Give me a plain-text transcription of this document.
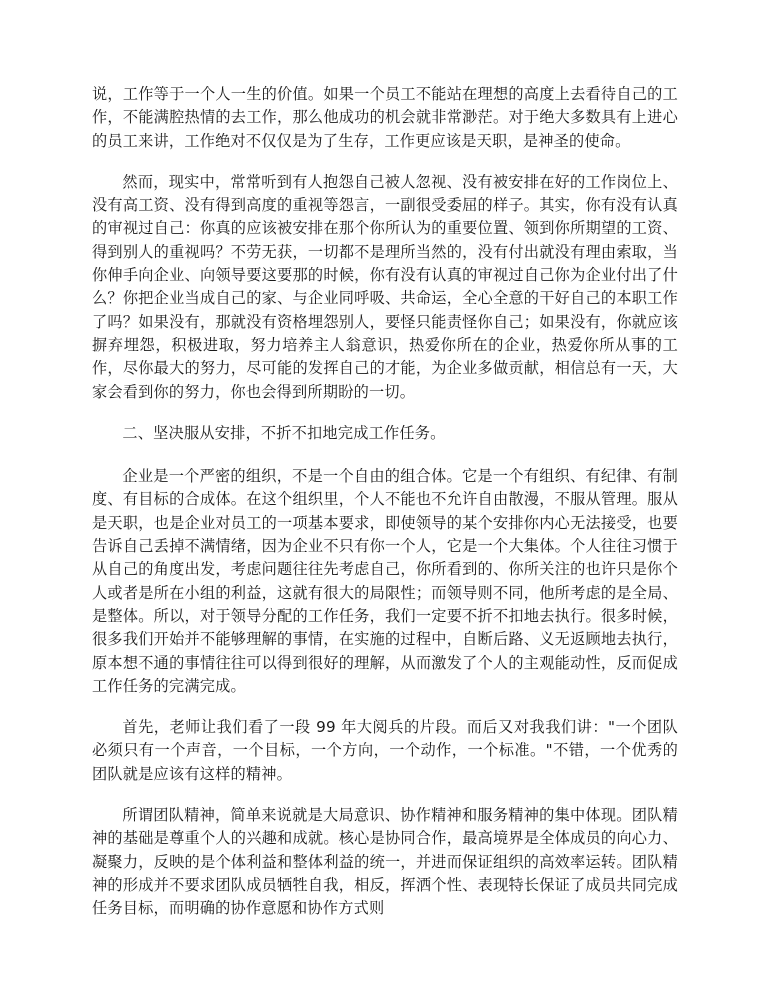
说，工作等于一个人一生的价值。如果一个员工不能站在理想的高度上去看待自己的工作，不能满腔热情的去工作，那么他成功的机会就非常渺茫。对于绝大多数具有上进心的员工来讲，工作绝对不仅仅是为了生存，工作更应该是天职，是神圣的使命。

然而，现实中，常常听到有人抱怨自己被人忽视、没有被安排在好的工作岗位上、没有高工资、没有得到高度的重视等怨言，一副很受委屈的样子。其实，你有没有认真的审视过自己：你真的应该被安排在那个你所认为的重要位置、领到你所期望的工资、得到别人的重视吗？不劳无获，一切都不是理所当然的，没有付出就没有理由索取，当你伸手向企业、向领导要这要那的时候，你有没有认真的审视过自己你为企业付出了什么？你把企业当成自己的家、与企业同呼吸、共命运，全心全意的干好自己的本职工作了吗？如果没有，那就没有资格埋怨别人，要怪只能责怪你自己；如果没有，你就应该摒弃埋怨，积极进取，努力培养主人翁意识，热爱你所在的企业，热爱你所从事的工作，尽你最大的努力，尽可能的发挥自己的才能，为企业多做贡献，相信总有一天，大家会看到你的努力，你也会得到所期盼的一切。

二、坚决服从安排，不折不扣地完成工作任务。

企业是一个严密的组织，不是一个自由的组合体。它是一个有组织、有纪律、有制度、有目标的合成体。在这个组织里，个人不能也不允许自由散漫，不服从管理。服从是天职，也是企业对员工的一项基本要求，即使领导的某个安排你内心无法接受，也要告诉自己丢掉不满情绪，因为企业不只有你一个人，它是一个大集体。个人往往习惯于从自己的角度出发，考虑问题往往先考虑自己，你所看到的、你所关注的也许只是你个人或者是所在小组的利益，这就有很大的局限性；而领导则不同，他所考虑的是全局、是整体。所以，对于领导分配的工作任务，我们一定要不折不扣地去执行。很多时候，很多我们开始并不能够理解的事情，在实施的过程中，自断后路、义无返顾地去执行，原本想不通的事情往往可以得到很好的理解，从而激发了个人的主观能动性，反而促成工作任务的完满完成。

首先，老师让我们看了一段 99 年大阅兵的片段。而后又对我我们讲："一个团队必须只有一个声音，一个目标，一个方向，一个动作，一个标准。"不错，一个优秀的团队就是应该有这样的精神。

所谓团队精神，简单来说就是大局意识、协作精神和服务精神的集中体现。团队精神的基础是尊重个人的兴趣和成就。核心是协同合作，最高境界是全体成员的向心力、凝聚力，反映的是个体利益和整体利益的统一，并进而保证组织的高效率运转。团队精神的形成并不要求团队成员牺牲自我，相反，挥洒个性、表现特长保证了成员共同完成任务目标，而明确的协作意愿和协作方式则
